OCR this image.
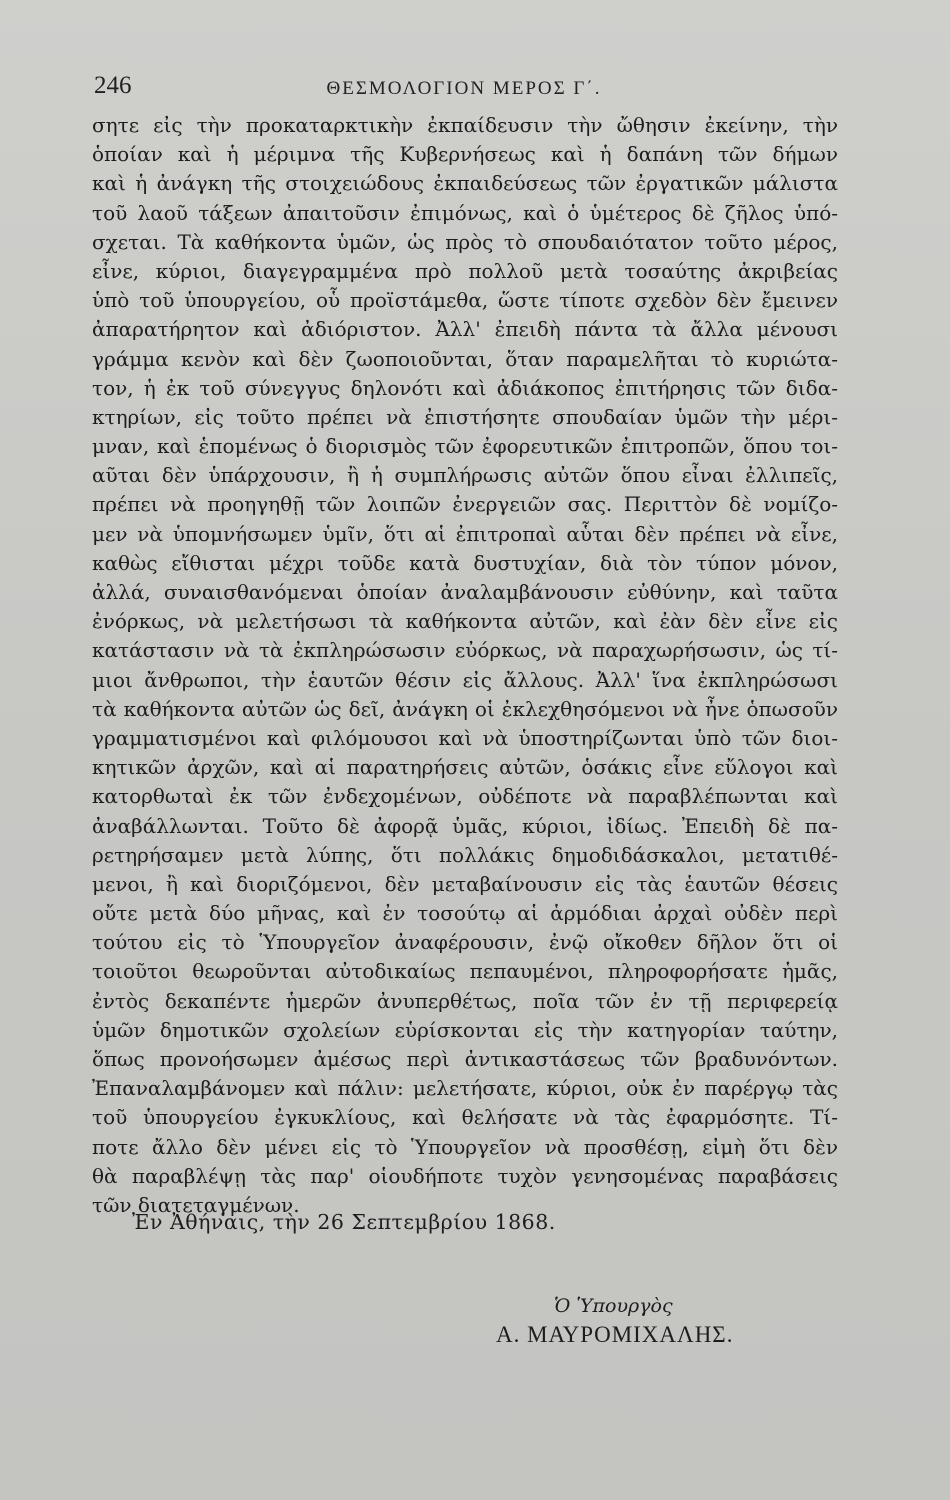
246	ΘΕΣΜΟΛΟΓΙΟΝ ΜΕΡΟΣ Γ΄.
σητε εἰς τὴν προκαταρκτικὴν ἐκπαίδευσιν τὴν ὤθησιν ἐκείνην, τὴν
ὁποίαν καὶ ἡ μέριμνα τῆς Κυβερνήσεως καὶ ἡ δαπάνη τῶν δήμων
καὶ ἡ ἀνάγκη τῆς στοιχειώδους ἐκπαιδεύσεως τῶν ἐργατικῶν μάλιστα
τοῦ λαοῦ τάξεων ἀπαιτοῦσιν ἐπιμόνως, καὶ ὁ ὑμέτερος δὲ ζῆλος ὑπό-
σχεται. Τὰ καθήκοντα ὑμῶν, ὡς πρὸς τὸ σπουδαιότατον τοῦτο μέρος,
εἶνε, κύριοι, διαγεγραμμένα πρὸ πολλοῦ μετὰ τοσαύτης ἀκριβείας
ὑπὸ τοῦ ὑπουργείου, οὗ προϊστάμεθα, ὥστε τίποτε σχεδὸν δὲν ἔμεινεν
ἀπαρατήρητον καὶ ἀδιόριστον. Ἀλλ' ἐπειδὴ πάντα τὰ ἄλλα μένουσι
γράμμα κενὸν καὶ δὲν ζωοποιοῦνται, ὅταν παραμελῆται τὸ κυριώτα-
τον, ἡ ἐκ τοῦ σύνεγγυς δηλονότι καὶ ἀδιάκοπος ἐπιτήρησις τῶν διδα-
κτηρίων, εἰς τοῦτο πρέπει νὰ ἐπιστήσητε σπουδαίαν ὑμῶν τὴν μέρι-
μναν, καὶ ἑπομένως ὁ διορισμὸς τῶν ἐφορευτικῶν ἐπιτροπῶν, ὅπου τοι-
αῦται δὲν ὑπάρχουσιν, ἢ ἡ συμπλήρωσις αὐτῶν ὅπου εἶναι ἐλλιπεῖς,
πρέπει νὰ προηγηθῇ τῶν λοιπῶν ἐνεργειῶν σας. Περιττὸν δὲ νομίζο-
μεν νὰ ὑπομνήσωμεν ὑμῖν, ὅτι αἱ ἐπιτροπαὶ αὗται δὲν πρέπει νὰ εἶνε,
καθὼς εἴθισται μέχρι τοῦδε κατὰ δυστυχίαν, διὰ τὸν τύπον μόνον,
ἀλλά, συναισθανόμεναι ὁποίαν ἀναλαμβάνουσιν εὐθύνην, καὶ ταῦτα
ἐνόρκως, νὰ μελετήσωσι τὰ καθήκοντα αὐτῶν, καὶ ἐὰν δὲν εἶνε εἰς
κατάστασιν νὰ τὰ ἐκπληρώσωσιν εὐόρκως, νὰ παραχωρήσωσιν, ὡς τί-
μιοι ἄνθρωποι, τὴν ἑαυτῶν θέσιν εἰς ἄλλους. Ἀλλ' ἵνα ἐκπληρώσωσι
τὰ καθήκοντα αὐτῶν ὡς δεῖ, ἀνάγκη οἱ ἐκλεχθησόμενοι νὰ ἦνε ὁπωσοῦν
γραμματισμένοι καὶ φιλόμουσοι καὶ νὰ ὑποστηρίζωνται ὑπὸ τῶν διοι-
κητικῶν ἀρχῶν, καὶ αἱ παρατηρήσεις αὐτῶν, ὁσάκις εἶνε εὔλογοι καὶ
κατορθωταὶ ἐκ τῶν ἐνδεχομένων, οὐδέποτε νὰ παραβλέπωνται καὶ
ἀναβάλλωνται. Τοῦτο δὲ ἀφορᾷ ὑμᾶς, κύριοι, ἰδίως. Ἐπειδὴ δὲ πα-
ρετηρήσαμεν μετὰ λύπης, ὅτι πολλάκις δημοδιδάσκαλοι, μετατιθέ-
μενοι, ἢ καὶ διοριζόμενοι, δὲν μεταβαίνουσιν εἰς τὰς ἑαυτῶν θέσεις
οὔτε μετὰ δύο μῆνας, καὶ ἐν τοσούτῳ αἱ ἁρμόδιαι ἀρχαὶ οὐδὲν περὶ
τούτου εἰς τὸ Ὑπουργεῖον ἀναφέρουσιν, ἐνῷ οἴκοθεν δῆλον ὅτι οἱ
τοιοῦτοι θεωροῦνται αὐτοδικαίως πεπαυμένοι, πληροφορήσατε ἡμᾶς,
ἐντὸς δεκαπέντε ἡμερῶν ἀνυπερθέτως, ποῖα τῶν ἐν τῇ περιφερείᾳ
ὑμῶν δημοτικῶν σχολείων εὑρίσκονται εἰς τὴν κατηγορίαν ταύτην,
ὅπως προνοήσωμεν ἀμέσως περὶ ἀντικαστάσεως τῶν βραδυνόντων.
Ἐπαναλαμβάνομεν καὶ πάλιν: μελετήσατε, κύριοι, οὐκ ἐν παρέργῳ τὰς
τοῦ ὑπουργείου ἐγκυκλίους, καὶ θελήσατε νὰ τὰς ἐφαρμόσητε. Τί-
ποτε ἄλλο δὲν μένει εἰς τὸ Ὑπουργεῖον νὰ προσθέσῃ, εἰμὴ ὅτι δὲν
θὰ παραβλέψῃ τὰς παρ' οἱουδήποτε τυχὸν γενησομένας παραβάσεις
τῶν διατεταγμένων.
Ἐν Ἀθήναις, τὴν 26 Σεπτεμβρίου 1868.
Ὁ Ὑπουργὸς
Α. ΜΑΥΡΟΜΙΧΑΛΗΣ.
